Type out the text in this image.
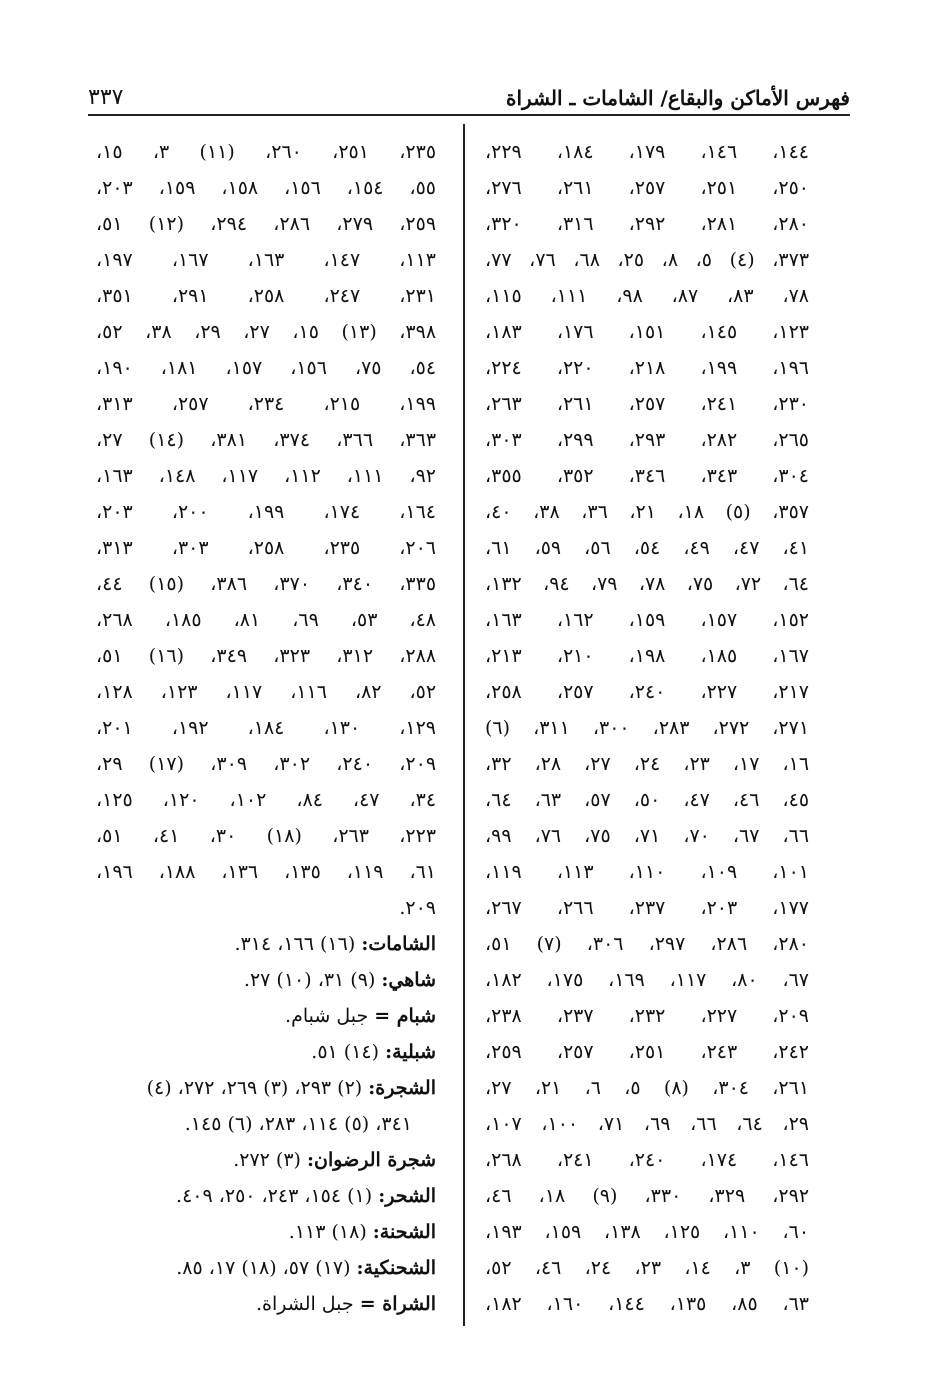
٣٣٧	فهرس الأماكن والبقاع/ الشامات ـ الشراة
١٤٤، ١٤٦، ١٧٩، ١٨٤، ٢٢٩،
٢٥٠، ٢٥١، ٢٥٧، ٢٦١، ٢٧٦،
٢٨٠، ٢٨١، ٢٩٢، ٣١٦، ٣٢٠،
٣٧٣، (٤) ٥، ٨، ٢٥، ٦٨، ٧٦، ٧٧،
٧٨، ٨٣، ٨٧، ٩٨، ١١١، ١١٥،
١٢٣، ١٤٥، ١٥١، ١٧٦، ١٨٣،
١٩٦، ١٩٩، ٢١٨، ٢٢٠، ٢٢٤،
٢٣٠، ٢٤١، ٢٥٧، ٢٦١، ٢٦٣،
٢٦٥، ٢٨٢، ٢٩٣، ٢٩٩، ٣٠٣،
٣٠٤، ٣٤٣، ٣٤٦، ٣٥٢، ٣٥٥،
٣٥٧، (٥) ١٨، ٢١، ٣٦، ٣٨، ٤٠،
٤١، ٤٧، ٤٩، ٥٤، ٥٦، ٥٩، ٦١،
٦٤، ٧٢، ٧٥، ٧٨، ٧٩، ٩٤، ١٣٢،
١٥٢، ١٥٧، ١٥٩، ١٦٢، ١٦٣،
١٦٧، ١٨٥، ١٩٨، ٢١٠، ٢١٣،
٢١٧، ٢٢٧، ٢٤٠، ٢٥٧، ٢٥٨،
٢٧١، ٢٧٢، ٢٨٣، ٣٠٠، ٣١١، (٦)
١٦، ١٧، ٢٣، ٢٤، ٢٧، ٢٨، ٣٢،
٤٥، ٤٦، ٤٧، ٥٠، ٥٧، ٦٣، ٦٤،
٦٦، ٦٧، ٧٠، ٧١، ٧٥، ٧٦، ٩٩،
١٠١، ١٠٩، ١١٠، ١١٣، ١١٩،
١٧٧، ٢٠٣، ٢٣٧، ٢٦٦، ٢٦٧،
٢٨٠، ٢٨٦، ٢٩٧، ٣٠٦، (٧) ٥١،
٦٧، ٨٠، ١١٧، ١٦٩، ١٧٥، ١٨٢،
٢٠٩، ٢٢٧، ٢٣٢، ٢٣٧، ٢٣٨،
٢٤٢، ٢٤٣، ٢٥١، ٢٥٧، ٢٥٩،
٢٦١، ٣٠٤، (٨) ٥، ٦، ٢١، ٢٧،
٢٩، ٦٤، ٦٦، ٦٩، ٧١، ١٠٠، ١٠٧،
١٤٦، ١٧٤، ٢٤٠، ٢٤١، ٢٦٨،
٢٩٢، ٣٢٩، ٣٣٠، (٩) ١٨، ٤٦،
٦٠، ١١٠، ١٢٥، ١٣٨، ١٥٩، ١٩٣،
(١٠) ٣، ١٤، ٢٣، ٢٤، ٤٦، ٥٢،
٦٣، ٨٥، ١٣٥، ١٤٤، ١٦٠، ١٨٢،
٢٣٥، ٢٥١، ٢٦٠، (١١) ٣، ١٥،
٥٥، ١٥٤، ١٥٦، ١٥٨، ١٥٩، ٢٠٣،
٢٥٩، ٢٧٩، ٢٨٦، ٢٩٤، (١٢) ٥١،
١١٣، ١٤٧، ١٦٣، ١٦٧، ١٩٧،
٢٣١، ٢٤٧، ٢٥٨، ٢٩١، ٣٥١،
٣٩٨، (١٣) ١٥، ٢٧، ٢٩، ٣٨، ٥٢،
٥٤، ٧٥، ١٥٦، ١٥٧، ١٨١، ١٩٠،
١٩٩، ٢١٥، ٢٣٤، ٢٥٧، ٣١٣،
٣٦٣، ٣٦٦، ٣٧٤، ٣٨١، (١٤) ٢٧،
٩٢، ١١١، ١١٢، ١١٧، ١٤٨، ١٦٣،
١٦٤، ١٧٤، ١٩٩، ٢٠٠، ٢٠٣،
٢٠٦، ٢٣٥، ٢٥٨، ٣٠٣، ٣١٣،
٣٣٥، ٣٤٠، ٣٧٠، ٣٨٦، (١٥) ٤٤،
٤٨، ٥٣، ٦٩، ٨١، ١٨٥، ٢٦٨،
٢٨٨، ٣١٢، ٣٢٣، ٣٤٩، (١٦) ٥١،
٥٢، ٨٢، ١١٦، ١١٧، ١٢٣، ١٢٨،
١٢٩، ١٣٠، ١٨٤، ١٩٢، ٢٠١،
٢٠٩، ٢٤٠، ٣٠٢، ٣٠٩، (١٧) ٢٩،
٣٤، ٤٧، ٨٤، ١٠٢، ١٢٠، ١٢٥،
٢٢٣، ٢٦٣، (١٨) ٣٠، ٤١، ٥١،
٦١، ١١٩، ١٣٥، ١٣٦، ١٨٨، ١٩٦،
٢٠٩.
الشامات: (١٦) ١٦٦، ٣١٤.
شاهي: (٩) ٣١، (١٠) ٢٧.
شبام = جبل شبام.
شبلية: (١٤) ٥١.
الشجرة: (٢) ٢٩٣، (٣) ٢٦٩، ٢٧٢، (٤)
٣٤١، (٥) ١١٤، ٢٨٣، (٦) ١٤٥.
شجرة الرضوان: (٣) ٢٧٢.
الشحر: (١) ١٥٤، ٢٤٣، ٢٥٠، ٤٠٩.
الشحنة: (١٨) ١١٣.
الشحنكية: (١٧) ٥٧، (١٨) ١٧، ٨٥.
الشراة = جبل الشراة.
